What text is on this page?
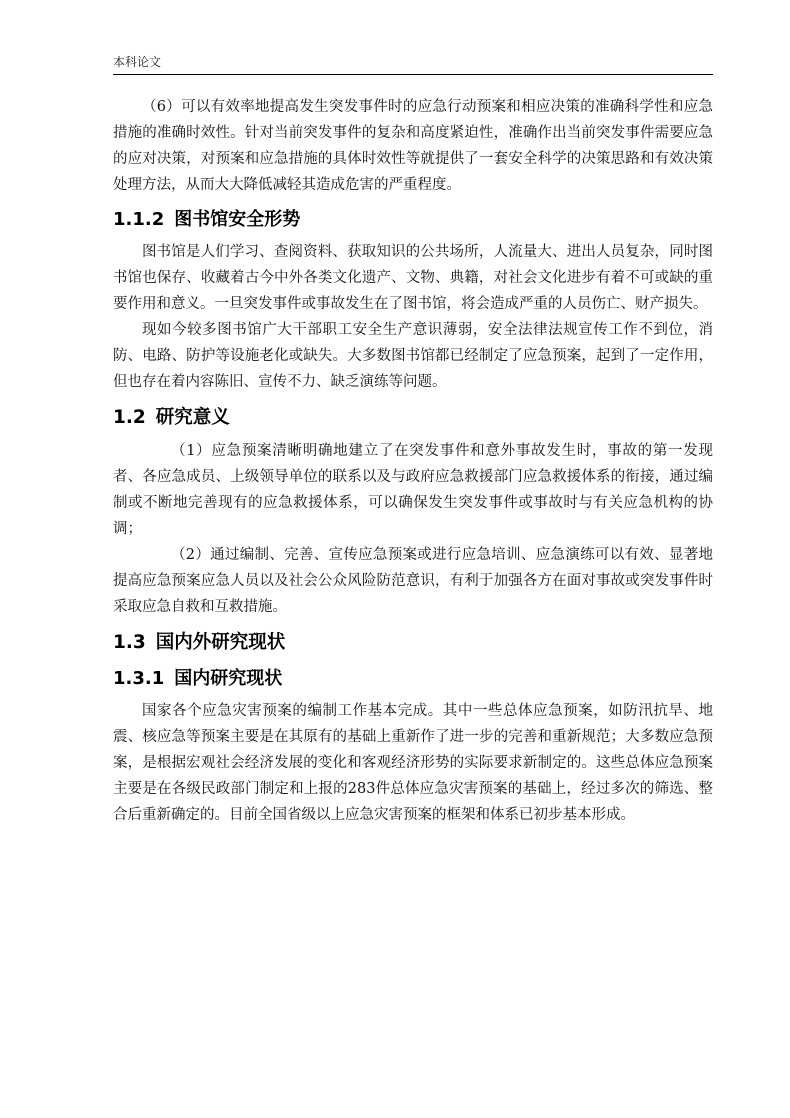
本科论文

（6）可以有效率地提高发生突发事件时的应急行动预案和相应决策的准确科学性和应急措施的准确时效性。针对当前突发事件的复杂和高度紧迫性，准确作出当前突发事件需要应急的应对决策，对预案和应急措施的具体时效性等就提供了一套安全科学的决策思路和有效决策处理方法，从而大大降低减轻其造成危害的严重程度。

1.1.2 图书馆安全形势

图书馆是人们学习、查阅资料、获取知识的公共场所，人流量大、进出人员复杂，同时图书馆也保存、收藏着古今中外各类文化遗产、文物、典籍，对社会文化进步有着不可或缺的重要作用和意义。一旦突发事件或事故发生在了图书馆，将会造成严重的人员伤亡、财产损失。

现如今较多图书馆广大干部职工安全生产意识薄弱，安全法律法规宣传工作不到位，消防、电路、防护等设施老化或缺失。大多数图书馆都已经制定了应急预案，起到了一定作用，但也存在着内容陈旧、宣传不力、缺乏演练等问题。

1.2 研究意义

（1）应急预案清晰明确地建立了在突发事件和意外事故发生时，事故的第一发现者、各应急成员、上级领导单位的联系以及与政府应急救援部门应急救援体系的衔接，通过编制或不断地完善现有的应急救援体系，可以确保发生突发事件或事故时与有关应急机构的协调；

（2）通过编制、完善、宣传应急预案或进行应急培训、应急演练可以有效、显著地提高应急预案应急人员以及社会公众风险防范意识，有利于加强各方在面对事故或突发事件时采取应急自救和互救措施。

1.3 国内外研究现状
1.3.1 国内研究现状

国家各个应急灾害预案的编制工作基本完成。其中一些总体应急预案，如防汛抗旱、地震、核应急等预案主要是在其原有的基础上重新作了进一步的完善和重新规范；大多数应急预案，是根据宏观社会经济发展的变化和客观经济形势的实际要求新制定的。这些总体应急预案主要是在各级民政部门制定和上报的283件总体应急灾害预案的基础上，经过多次的筛选、整合后重新确定的。目前全国省级以上应急灾害预案的框架和体系已初步基本形成。
